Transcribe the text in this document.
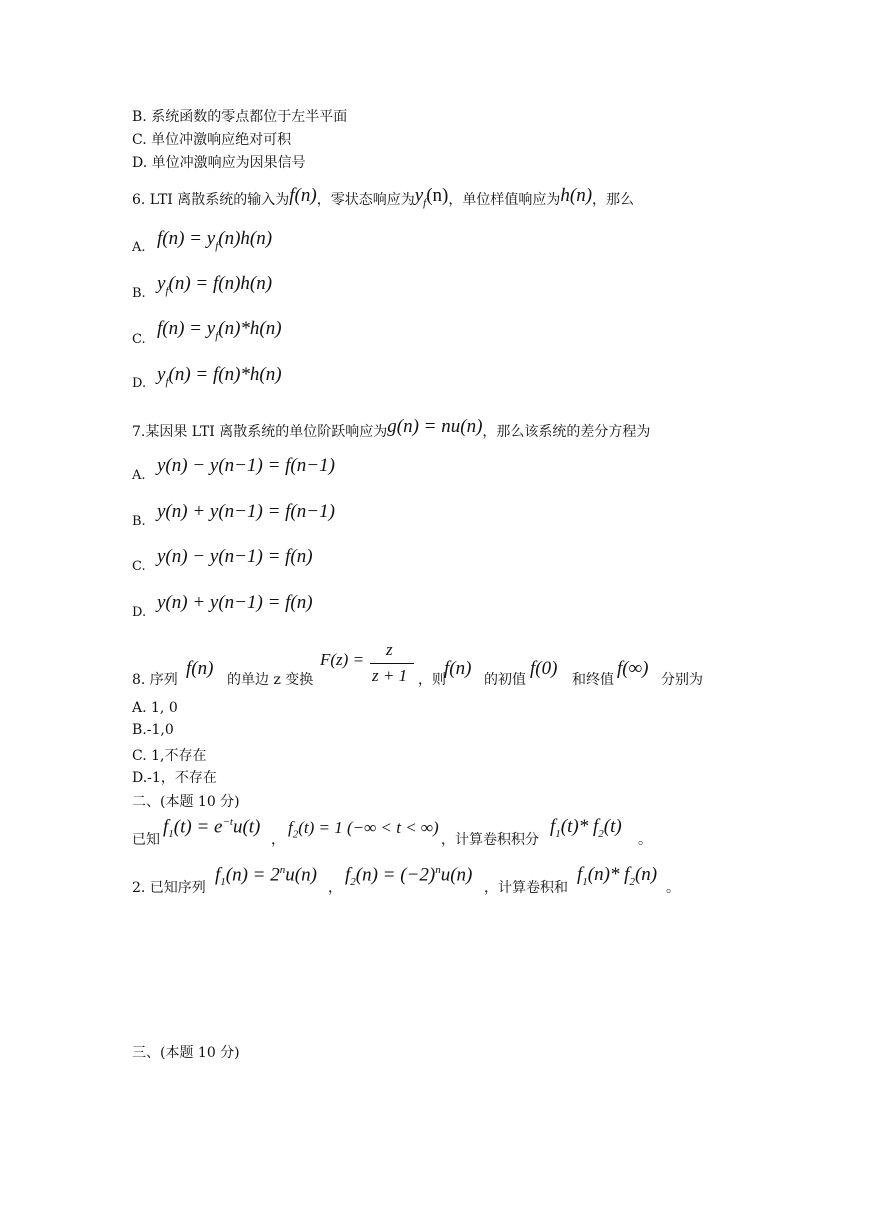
B. 系统函数的零点都位于左半平面
C. 单位冲激响应绝对可积
D. 单位冲激响应为因果信号
6. LTI 离散系统的输入为f(n)，零状态响应为$y_f(n)$，单位样值响应为h(n)，那么
A. $f(n) = y_f(n)h(n)$
B. $y_f(n) = f(n)h(n)$
C.
$f(n) = y_f(n)*h(n)$
D. $y_f(n) = f(n)*h(n)$
7.某因果 LTI 离散系统的单位阶跃响应为g(n) = nu(n)，那么该系统的差分方程为
A. y(n) − y(n−1) = f(n−1)
B. y(n) + y(n−1) = f(n−1)
C. y(n) − y(n−1) = f(n)
D. y(n) + y(n−1) = f(n)
8. 序列
f(n)
的单边 z 变换
F(z) =
z
z + 1 ，则
f(n)
的初值
f(0)
和终值
f(∞)
分别为
A. 1, 0
B.-1,0
C. 1,不存在
D.-1，不存在
二、(本题 10 分)
已知
$f_1(t) = e^{-t}u(t)$
，
$f_2(t) = 1$ (−∞ < t < ∞)
，计算卷积积分
$f_1(t)*$ $f_2(t)$
。
2. 已知序列
$f_1(n) = 2^nu(n)$
，
$f_2(n) = (-2)^nu(n)$
，计算卷积和
$f_1(n)*$ $f_2(n)$
。
三、(本题 10 分)
